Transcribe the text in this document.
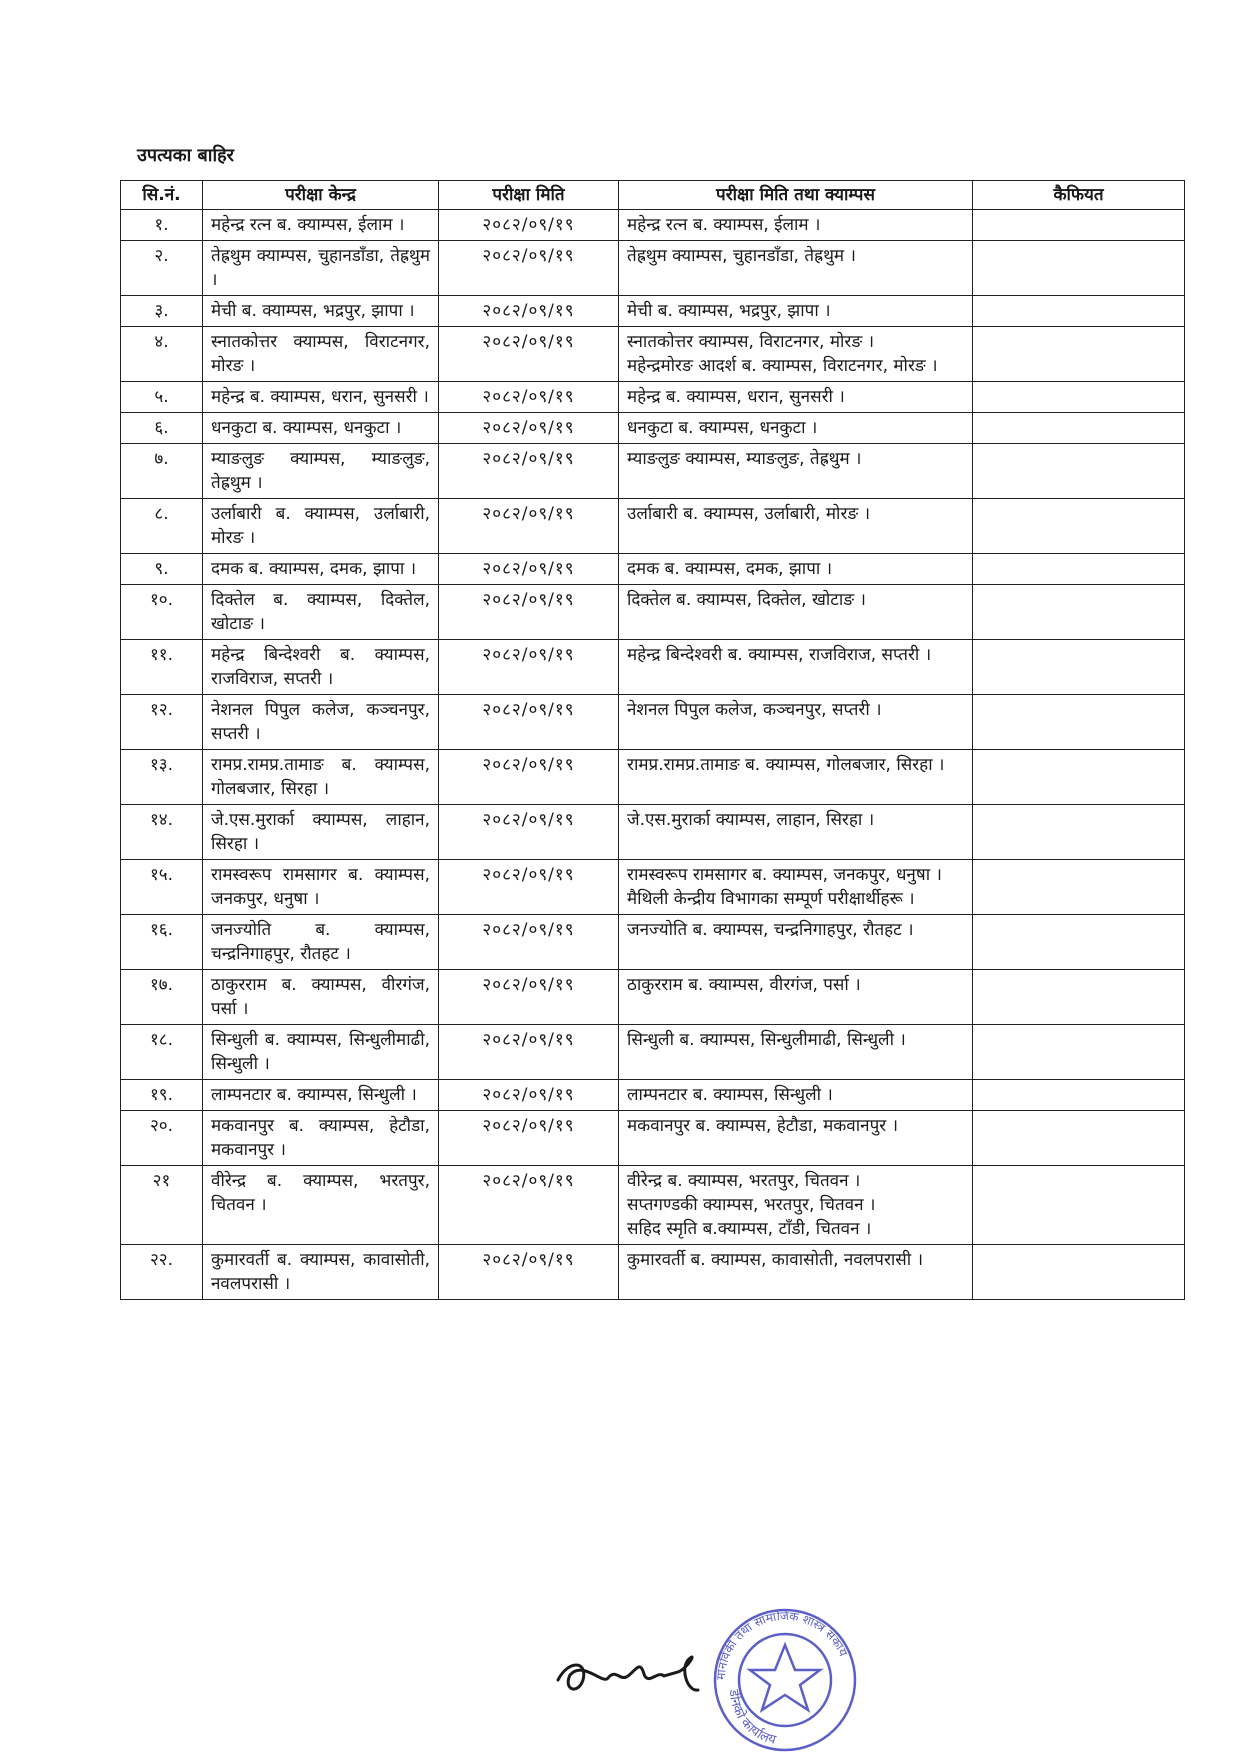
उपत्यका बाहिर
सि.नं.	परीक्षा केन्द्र	परीक्षा मिति	परीक्षा मिति तथा क्याम्पस	कैफियत
१.	महेन्द्र रत्न ब. क्याम्पस, ईलाम ।	२०८२/०९/१९	महेन्द्र रत्न ब. क्याम्पस, ईलाम ।	

२.	तेह्रथुम क्याम्पस, चुहानडाँडा, तेह्रथुम ।	२०८२/०९/१९	तेह्रथुम क्याम्पस, चुहानडाँडा, तेह्रथुम ।	

३.	मेची ब. क्याम्पस, भद्रपुर, झापा ।	२०८२/०९/१९	मेची ब. क्याम्पस, भद्रपुर, झापा ।	

४.	स्नातकोत्तर क्याम्पस, विराटनगर, मोरङ ।	२०८२/०९/१९	स्नातकोत्तर क्याम्पस, विराटनगर, मोरङ ।
महेन्द्रमोरङ आदर्श ब. क्याम्पस, विराटनगर, मोरङ ।	

५.	महेन्द्र ब. क्याम्पस, धरान, सुनसरी ।	२०८२/०९/१९	महेन्द्र ब. क्याम्पस, धरान, सुनसरी ।	

६.	धनकुटा ब. क्याम्पस, धनकुटा ।	२०८२/०९/१९	धनकुटा ब. क्याम्पस, धनकुटा ।	

७.	म्याङलुङ क्याम्पस, म्याङलुङ, तेह्रथुम ।	२०८२/०९/१९	म्याङलुङ क्याम्पस, म्याङलुङ, तेह्रथुम ।	

८.	उर्लाबारी ब. क्याम्पस, उर्लाबारी, मोरङ ।	२०८२/०९/१९	उर्लाबारी ब. क्याम्पस, उर्लाबारी, मोरङ ।	

९.	दमक ब. क्याम्पस, दमक, झापा ।	२०८२/०९/१९	दमक ब. क्याम्पस, दमक, झापा ।	

१०.	दिक्तेल ब. क्याम्पस, दिक्तेल, खोटाङ ।	२०८२/०९/१९	दिक्तेल ब. क्याम्पस, दिक्तेल, खोटाङ ।	

११.	महेन्द्र बिन्देश्वरी ब. क्याम्पस, राजविराज, सप्तरी ।	२०८२/०९/१९	महेन्द्र बिन्देश्वरी ब. क्याम्पस, राजविराज, सप्तरी ।	

१२.	नेशनल पिपुल कलेज, कञ्चनपुर, सप्तरी ।	२०८२/०९/१९	नेशनल पिपुल कलेज, कञ्चनपुर, सप्तरी ।	

१३.	रामप्र.रामप्र.तामाङ ब. क्याम्पस, गोलबजार, सिरहा ।	२०८२/०९/१९	रामप्र.रामप्र.तामाङ ब. क्याम्पस, गोलबजार, सिरहा ।	

१४.	जे.एस.मुरार्का क्याम्पस, लाहान, सिरहा ।	२०८२/०९/१९	जे.एस.मुरार्का क्याम्पस, लाहान, सिरहा ।	

१५.	रामस्वरूप रामसागर ब. क्याम्पस, जनकपुर, धनुषा ।	२०८२/०९/१९	रामस्वरूप रामसागर ब. क्याम्पस, जनकपुर, धनुषा ।
मैथिली केन्द्रीय विभागका सम्पूर्ण परीक्षार्थीहरू ।	

१६.	जनज्योति ब. क्याम्पस, चन्द्रनिगाहपुर, रौतहट ।	२०८२/०९/१९	जनज्योति ब. क्याम्पस, चन्द्रनिगाहपुर, रौतहट ।	

१७.	ठाकुरराम ब. क्याम्पस, वीरगंज, पर्सा ।	२०८२/०९/१९	ठाकुरराम ब. क्याम्पस, वीरगंज, पर्सा ।	

१८.	सिन्धुली ब. क्याम्पस, सिन्धुलीमाढी, सिन्धुली ।	२०८२/०९/१९	सिन्धुली ब. क्याम्पस, सिन्धुलीमाढी, सिन्धुली ।	

१९.	लाम्पनटार ब. क्याम्पस, सिन्धुली ।	२०८२/०९/१९	लाम्पनटार ब. क्याम्पस, सिन्धुली ।	

२०.	मकवानपुर ब. क्याम्पस, हेटौडा, मकवानपुर ।	२०८२/०९/१९	मकवानपुर ब. क्याम्पस, हेटौडा, मकवानपुर ।	

२१	वीरेन्द्र ब. क्याम्पस, भरतपुर, चितवन ।	२०८२/०९/१९	वीरेन्द्र ब. क्याम्पस, भरतपुर, चितवन ।
सप्तगण्डकी क्याम्पस, भरतपुर, चितवन ।
सहिद स्मृति ब.क्याम्पस, टाँडी, चितवन ।	

२२.	कुमारवर्ती ब. क्याम्पस, कावासोती, नवलपरासी ।	२०८२/०९/१९	कुमारवर्ती ब. क्याम्पस, कावासोती, नवलपरासी ।	

मानविकी तथा सामाजिक शास्त्र सकाय
डीनको कार्यालय
